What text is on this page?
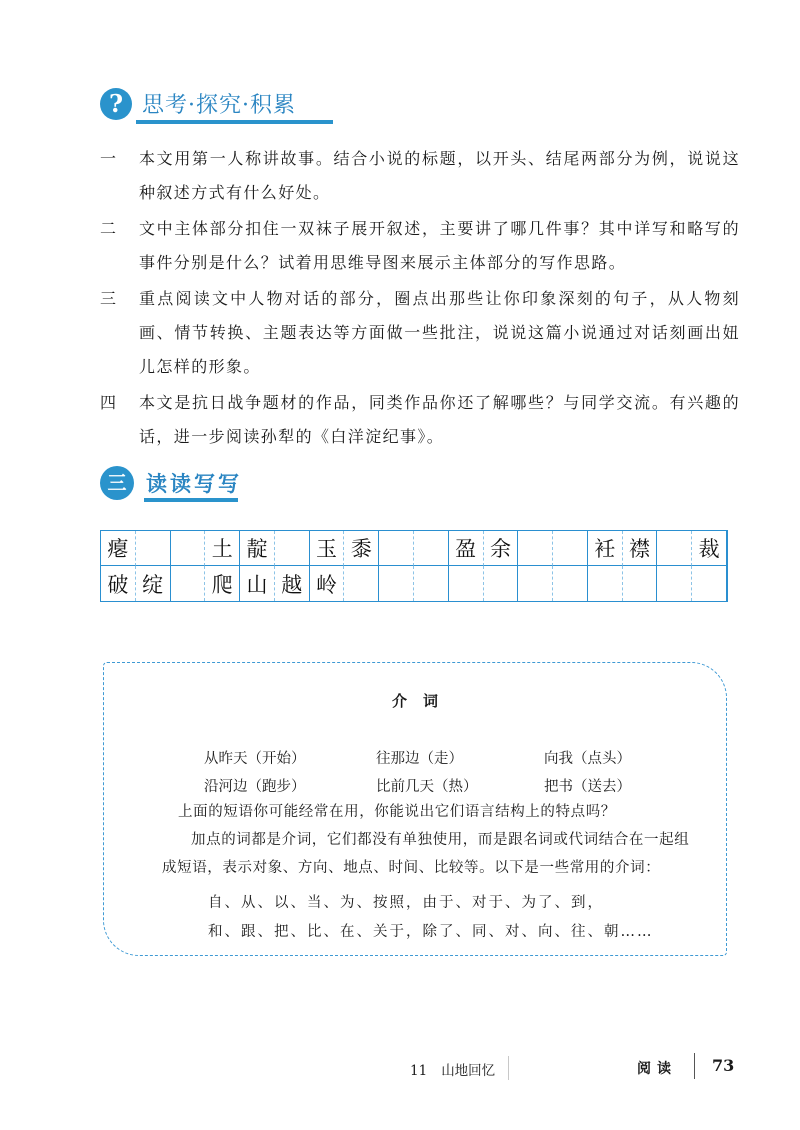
? 思考·探究·积累
一 本文用第一人称讲故事。结合小说的标题，以开头、结尾两部分为例，说说这种叙述方式有什么好处。
二 文中主体部分扣住一双袜子展开叙述，主要讲了哪几件事？其中详写和略写的事件分别是什么？试着用思维导图来展示主体部分的写作思路。
三 重点阅读文中人物对话的部分，圈点出那些让你印象深刻的句子，从人物刻画、情节转换、主题表达等方面做一些批注，说说这篇小说通过对话刻画出妞儿怎样的形象。
四 本文是抗日战争题材的作品，同类作品你还了解哪些？与同学交流。有兴趣的话，进一步阅读孙犁的《白洋淀纪事》。
三 读读写写
瘪	土 靛	玉 黍	盈 余	衽 襟	裁
破 绽	爬 山 越 岭
介词
从昨天（开始）	往那边（走）	向我（点头）
沿河边（跑步）	比前几天（热）	把书（送去）
上面的短语你可能经常在用，你能说出它们语言结构上的特点吗？
加点的词都是介词，它们都没有单独使用，而是跟名词或代词结合在一起组成短语，表示对象、方向、地点、时间、比较等。以下是一些常用的介词：
自、从、以、当、为、按照，由于、对于、为了、到，
和、跟、把、比、在、关于，除了、同、对、向、往、朝……
11 山地回忆	阅读 73
